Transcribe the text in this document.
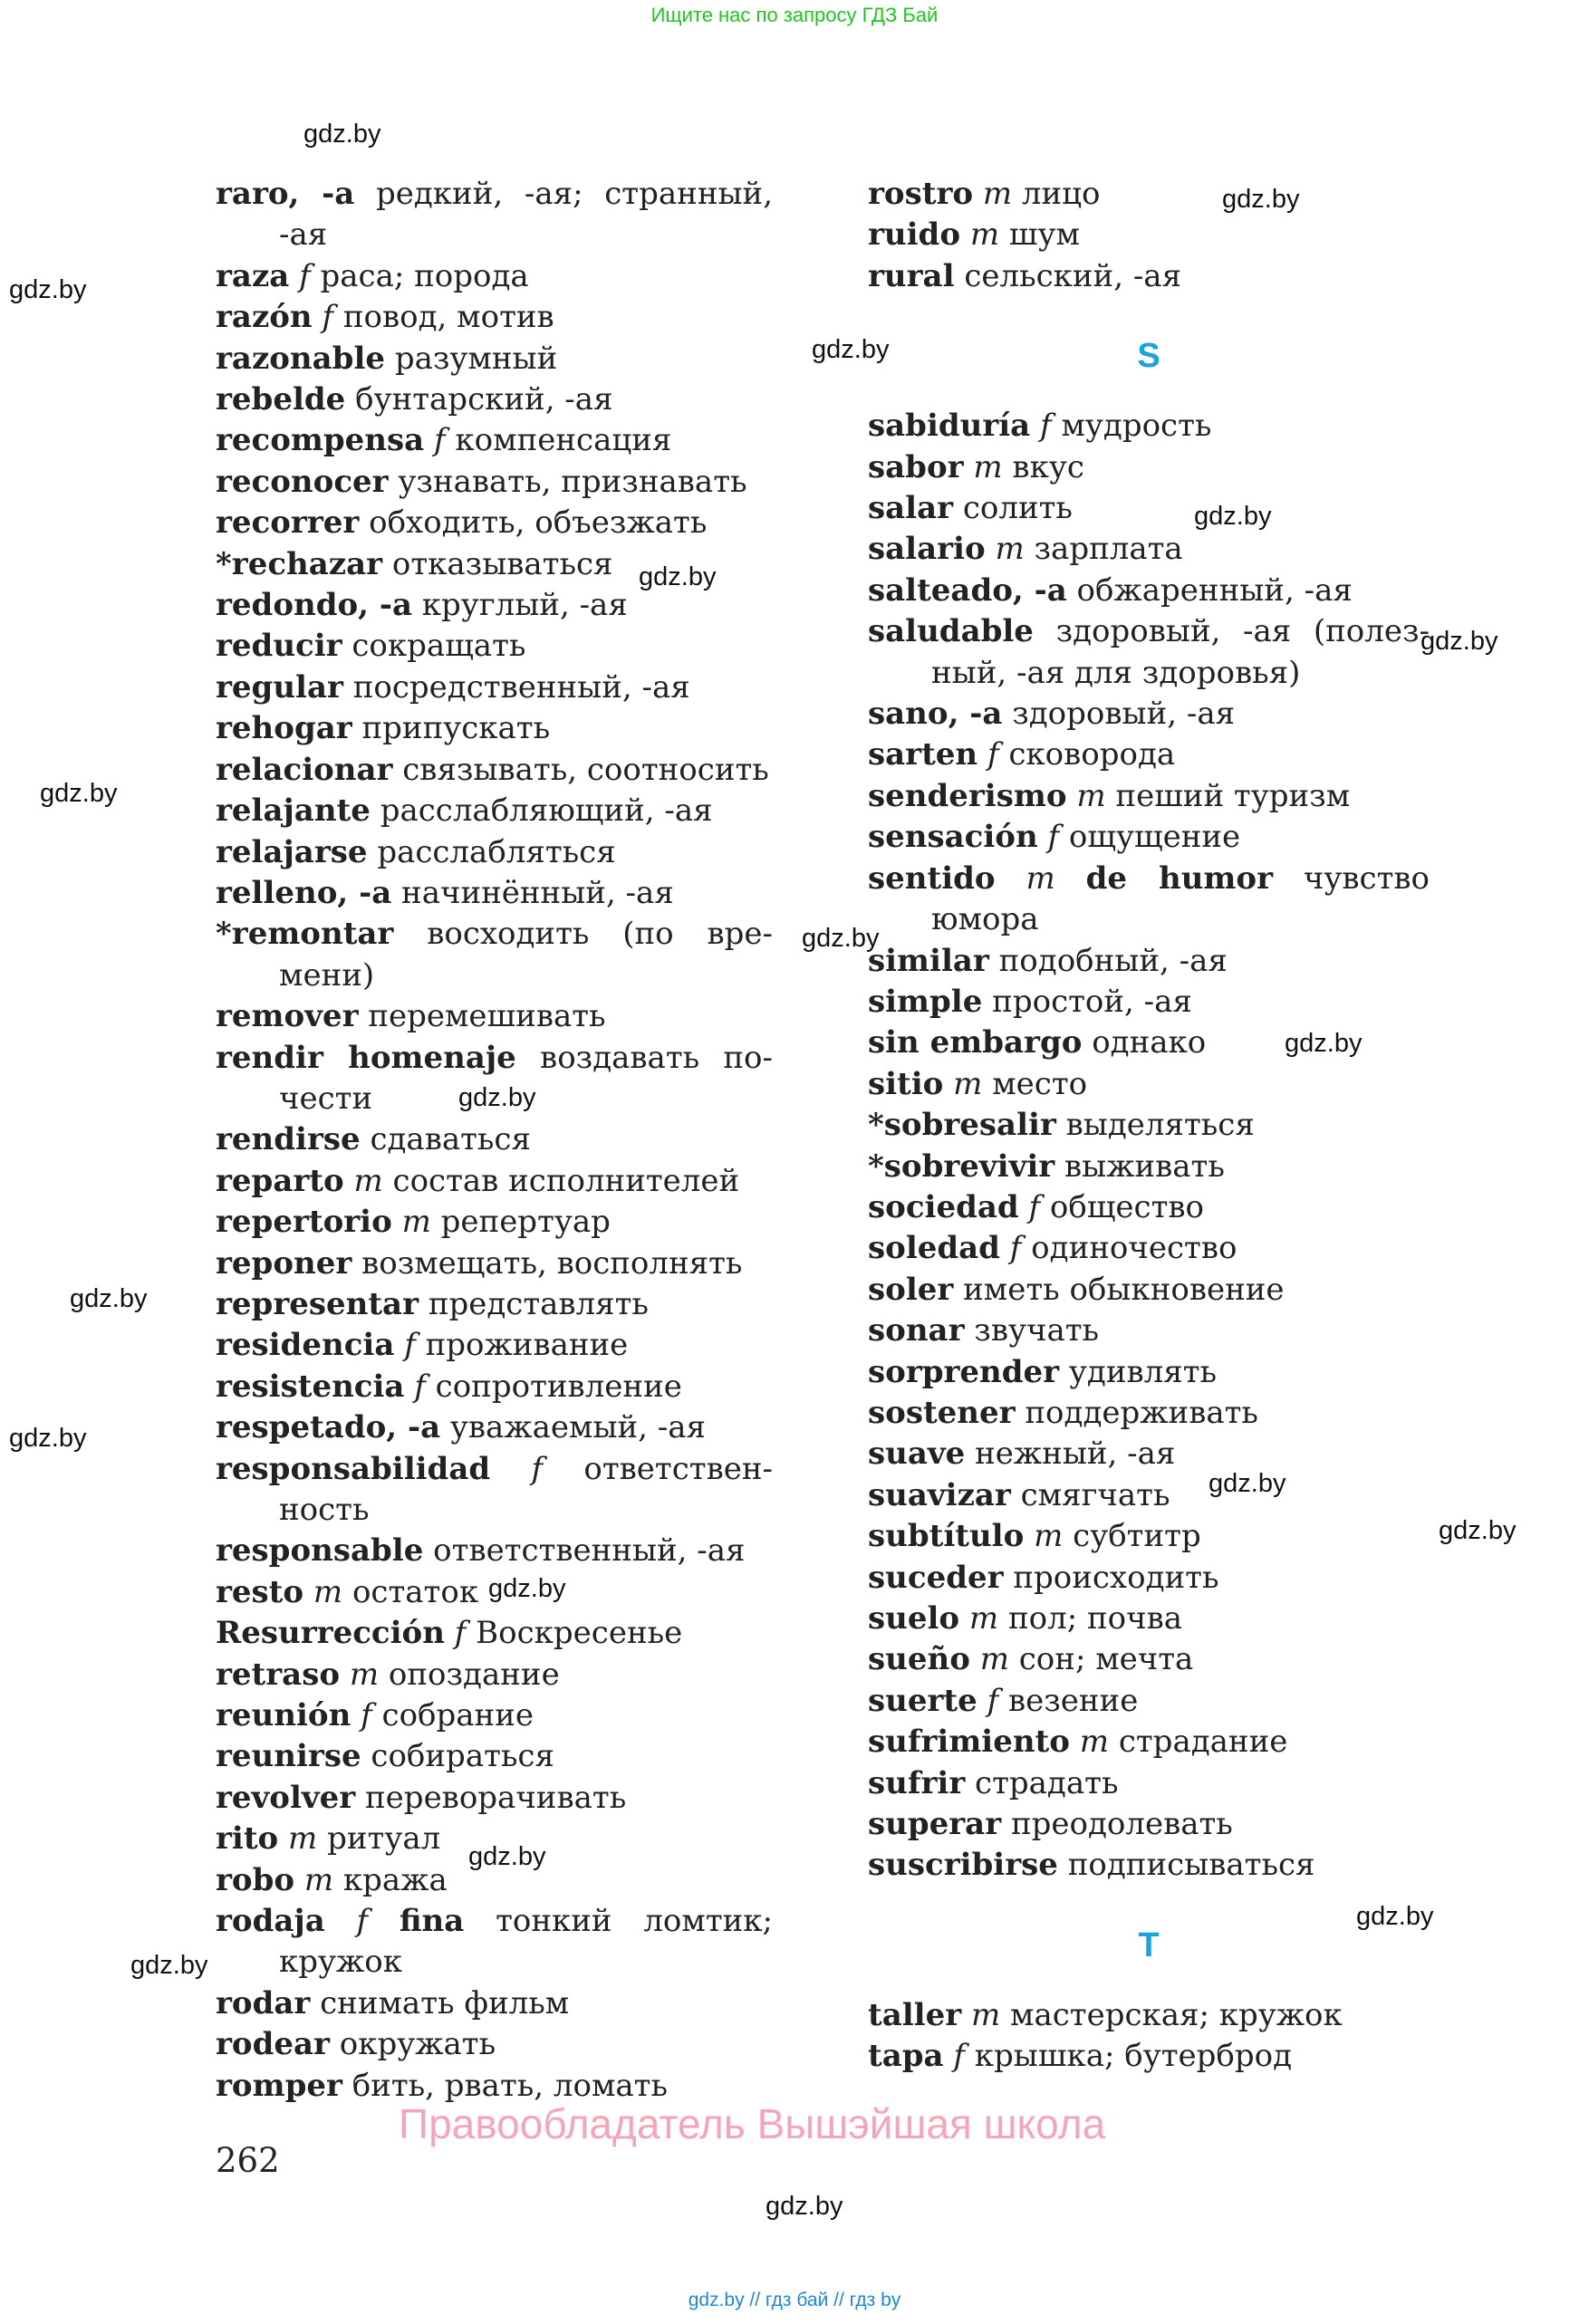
Ищите нас по запросу ГДЗ Бай
raro, -a редкий, -ая; странный, -ая
raza f раса; порода
razón f повод, мотив
razonable разумный
rebelde бунтарский, -ая
recompensa f компенсация
reconocer узнавать, признавать
recorrer обходить, объезжать
*rechazar отказываться
redondo, -a круглый, -ая
reducir сокращать
regular посредственный, -ая
rehogar припускать
relacionar связывать, соотносить
relajante расслабляющий, -ая
relajarse расслабляться
relleno, -a начинённый, -ая
*remontar восходить (по вре-мени)
remover перемешивать
rendir homenaje воздавать по-чести
rendirse сдаваться
reparto m состав исполнителей
repertorio m репертуар
reponer возмещать, восполнять
representar представлять
residencia f проживание
resistencia f сопротивление
respetado, -a уважаемый, -ая
responsabilidad f ответствен-ность
responsable ответственный, -ая
resto m остаток
Resurrección f Воскресенье
retraso m опоздание
reunión f собрание
reunirse собираться
revolver переворачивать
rito m ритуал
robo m кража
rodaja f fina тонкий ломтик; кружок
rodar снимать фильм
rodear окружать
romper бить, рвать, ломать
rostro m лицо
ruido m шум
rural сельский, -ая
S
sabiduría f мудрость
sabor m вкус
salar солить
salario m зарплата
salteado, -a обжаренный, -ая
saludable здоровый, -ая (полез-ный, -ая для здоровья)
sano, -a здоровый, -ая
sarten f сковорода
senderismo m пеший туризм
sensación f ощущение
sentido m de humor чувство юмора
similar подобный, -ая
simple простой, -ая
sin embargo однако
sitio m место
*sobresalir выделяться
*sobrevivir выживать
sociedad f общество
soledad f одиночество
soler иметь обыкновение
sonar звучать
sorprender удивлять
sostener поддерживать
suave нежный, -ая
suavizar смягчать
subtítulo m субтитр
suceder происходить
suelo m пол; почва
sueño m сон; мечта
suerte f везение
sufrimiento m страдание
sufrir страдать
superar преодолевать
suscribirse подписываться
T
taller m мастерская; кружок
tapa f крышка; бутерброд
gdz.by
gdz.by
gdz.by
gdz.by
gdz.by
gdz.by
gdz.by
gdz.by
gdz.by
gdz.by
gdz.by
gdz.by
gdz.by
gdz.by
gdz.by
gdz.by
gdz.by
gdz.by
gdz.by
gdz.by
Правообладатель Вышэйшая школа
262
gdz.by // гдз бай // гдз by
